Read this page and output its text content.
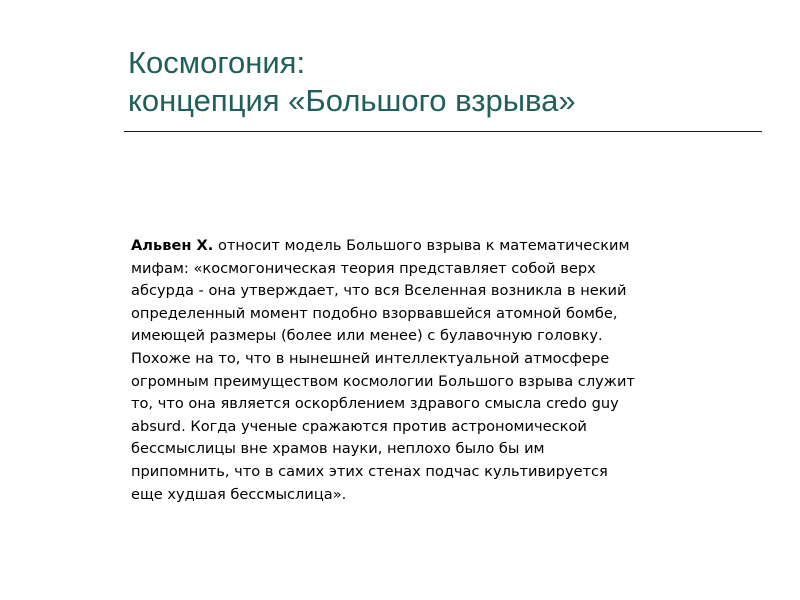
Космогония:
концепция «Большого взрыва»

Альвен Х. относит модель Большого взрыва к математическим
мифам: «космогоническая теория представляет собой верх
абсурда - она утверждает, что вся Вселенная возникла в некий
определенный момент подобно взорвавшейся атомной бомбе,
имеющей размеры (более или менее) с булавочную головку.
Похоже на то, что в нынешней интеллектуальной атмосфере
огромным преимуществом космологии Большого взрыва служит
то, что она является оскорблением здравого смысла credo guy
absurd. Когда ученые сражаются против астрономической
бессмыслицы вне храмов науки, неплохо было бы им
припомнить, что в самих этих стенах подчас культивируется
еще худшая бессмыслица».
